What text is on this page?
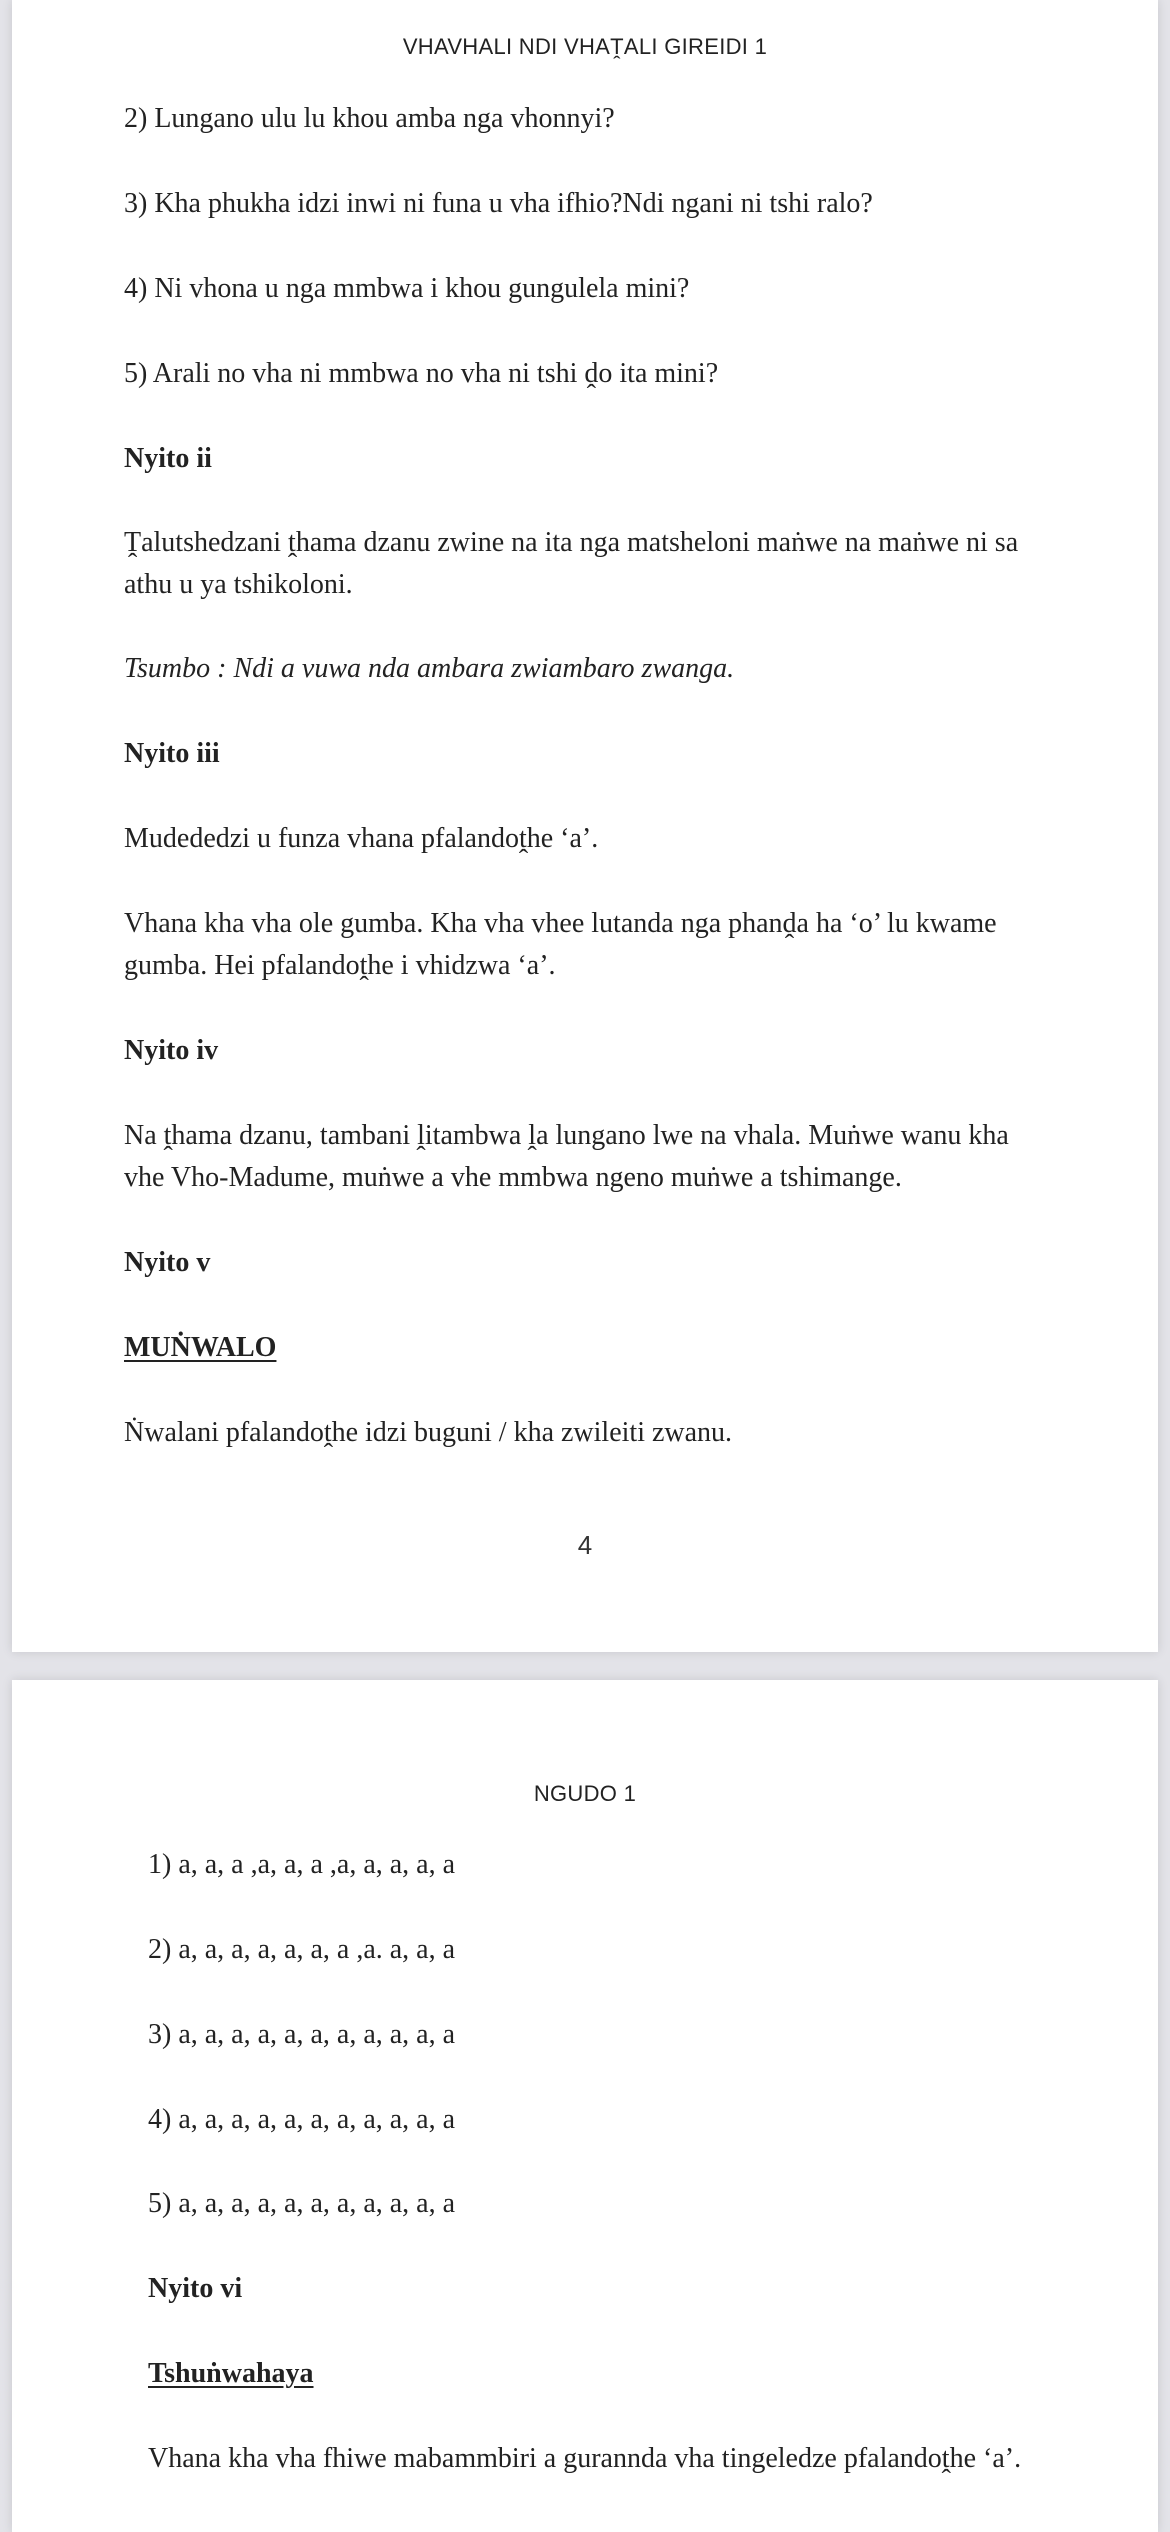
VHAVHALI NDI VHAṰALI GIREIDI 1
2) Lungano ulu lu khou amba nga vhonnyi?
3) Kha phukha idzi inwi ni funa u vha ifhio?Ndi ngani ni tshi ralo?
4) Ni vhona u nga mmbwa i khou gungulela mini?
5) Arali no vha ni mmbwa no vha ni tshi ḓo ita mini?
Nyito ii
Ṱalutshedzani ṱhama dzanu zwine na ita nga matsheloni maṅwe na maṅwe ni sa athu u ya tshikoloni.
Tsumbo : Ndi a vuwa nda ambara zwiambaro zwanga.
Nyito iii
Mudededzi u funza vhana pfalandoṱhe ‘a’.
Vhana kha vha ole gumba. Kha vha vhee lutanda nga phanḓa ha ‘o’ lu kwame gumba. Hei pfalandoṱhe i vhidzwa ‘a’.
Nyito iv
Na ṱhama dzanu, tambani ḽitambwa ḽa lungano lwe na vhala. Muṅwe wanu kha vhe Vho-Madume, muṅwe a vhe mmbwa ngeno muṅwe a tshimange.
Nyito v
MUṄWALO
Ṅwalani pfalandoṱhe idzi buguni / kha zwileiti zwanu.
4
NGUDO 1
1) a, a, a ,a, a, a ,a, a, a, a, a
2) a, a, a, a, a, a, a ,a. a, a, a
3) a, a, a, a, a, a, a, a, a, a, a
4) a, a, a, a, a, a, a, a, a, a, a
5) a, a, a, a, a, a, a, a, a, a, a
Nyito vi
Tshuṅwahaya
Vhana kha vha fhiwe mabammbiri a gurannda vha tingeledze pfalandoṱhe ‘a’.
